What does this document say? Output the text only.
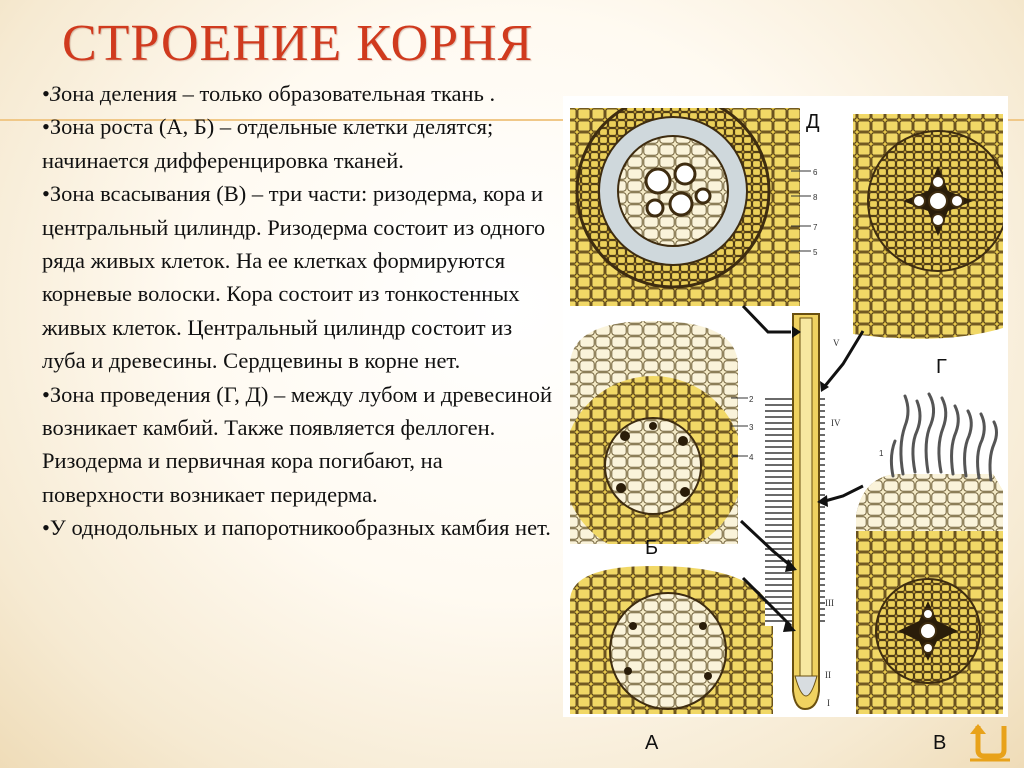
СТРОЕНИЕ КОРНЯ

•Зона деления – только образовательная ткань .

•Зона роста (А, Б) – отдельные клетки делятся; начинается дифференцировка тканей.

•Зона всасывания (В) – три части: ризодерма, кора и центральный цилиндр. Ризодерма состоит из одного ряда живых клеток. На ее клетках формируются корневые волоски. Кора состоит из тонкостенных живых клеток. Центральный цилиндр состоит из луба и древесины. Сердцевины в корне нет.

•Зона проведения (Г, Д) – между лубом и древесиной возникает камбий. Также появляется феллоген. Ризодерма и первичная кора погибают, на поверхности возникает перидерма.

•У однодольных и папоротникообразных камбия нет.

6
8
7
5
2
3
4	1
V
IV
III
II
I
Д
Г
Б
А	В
